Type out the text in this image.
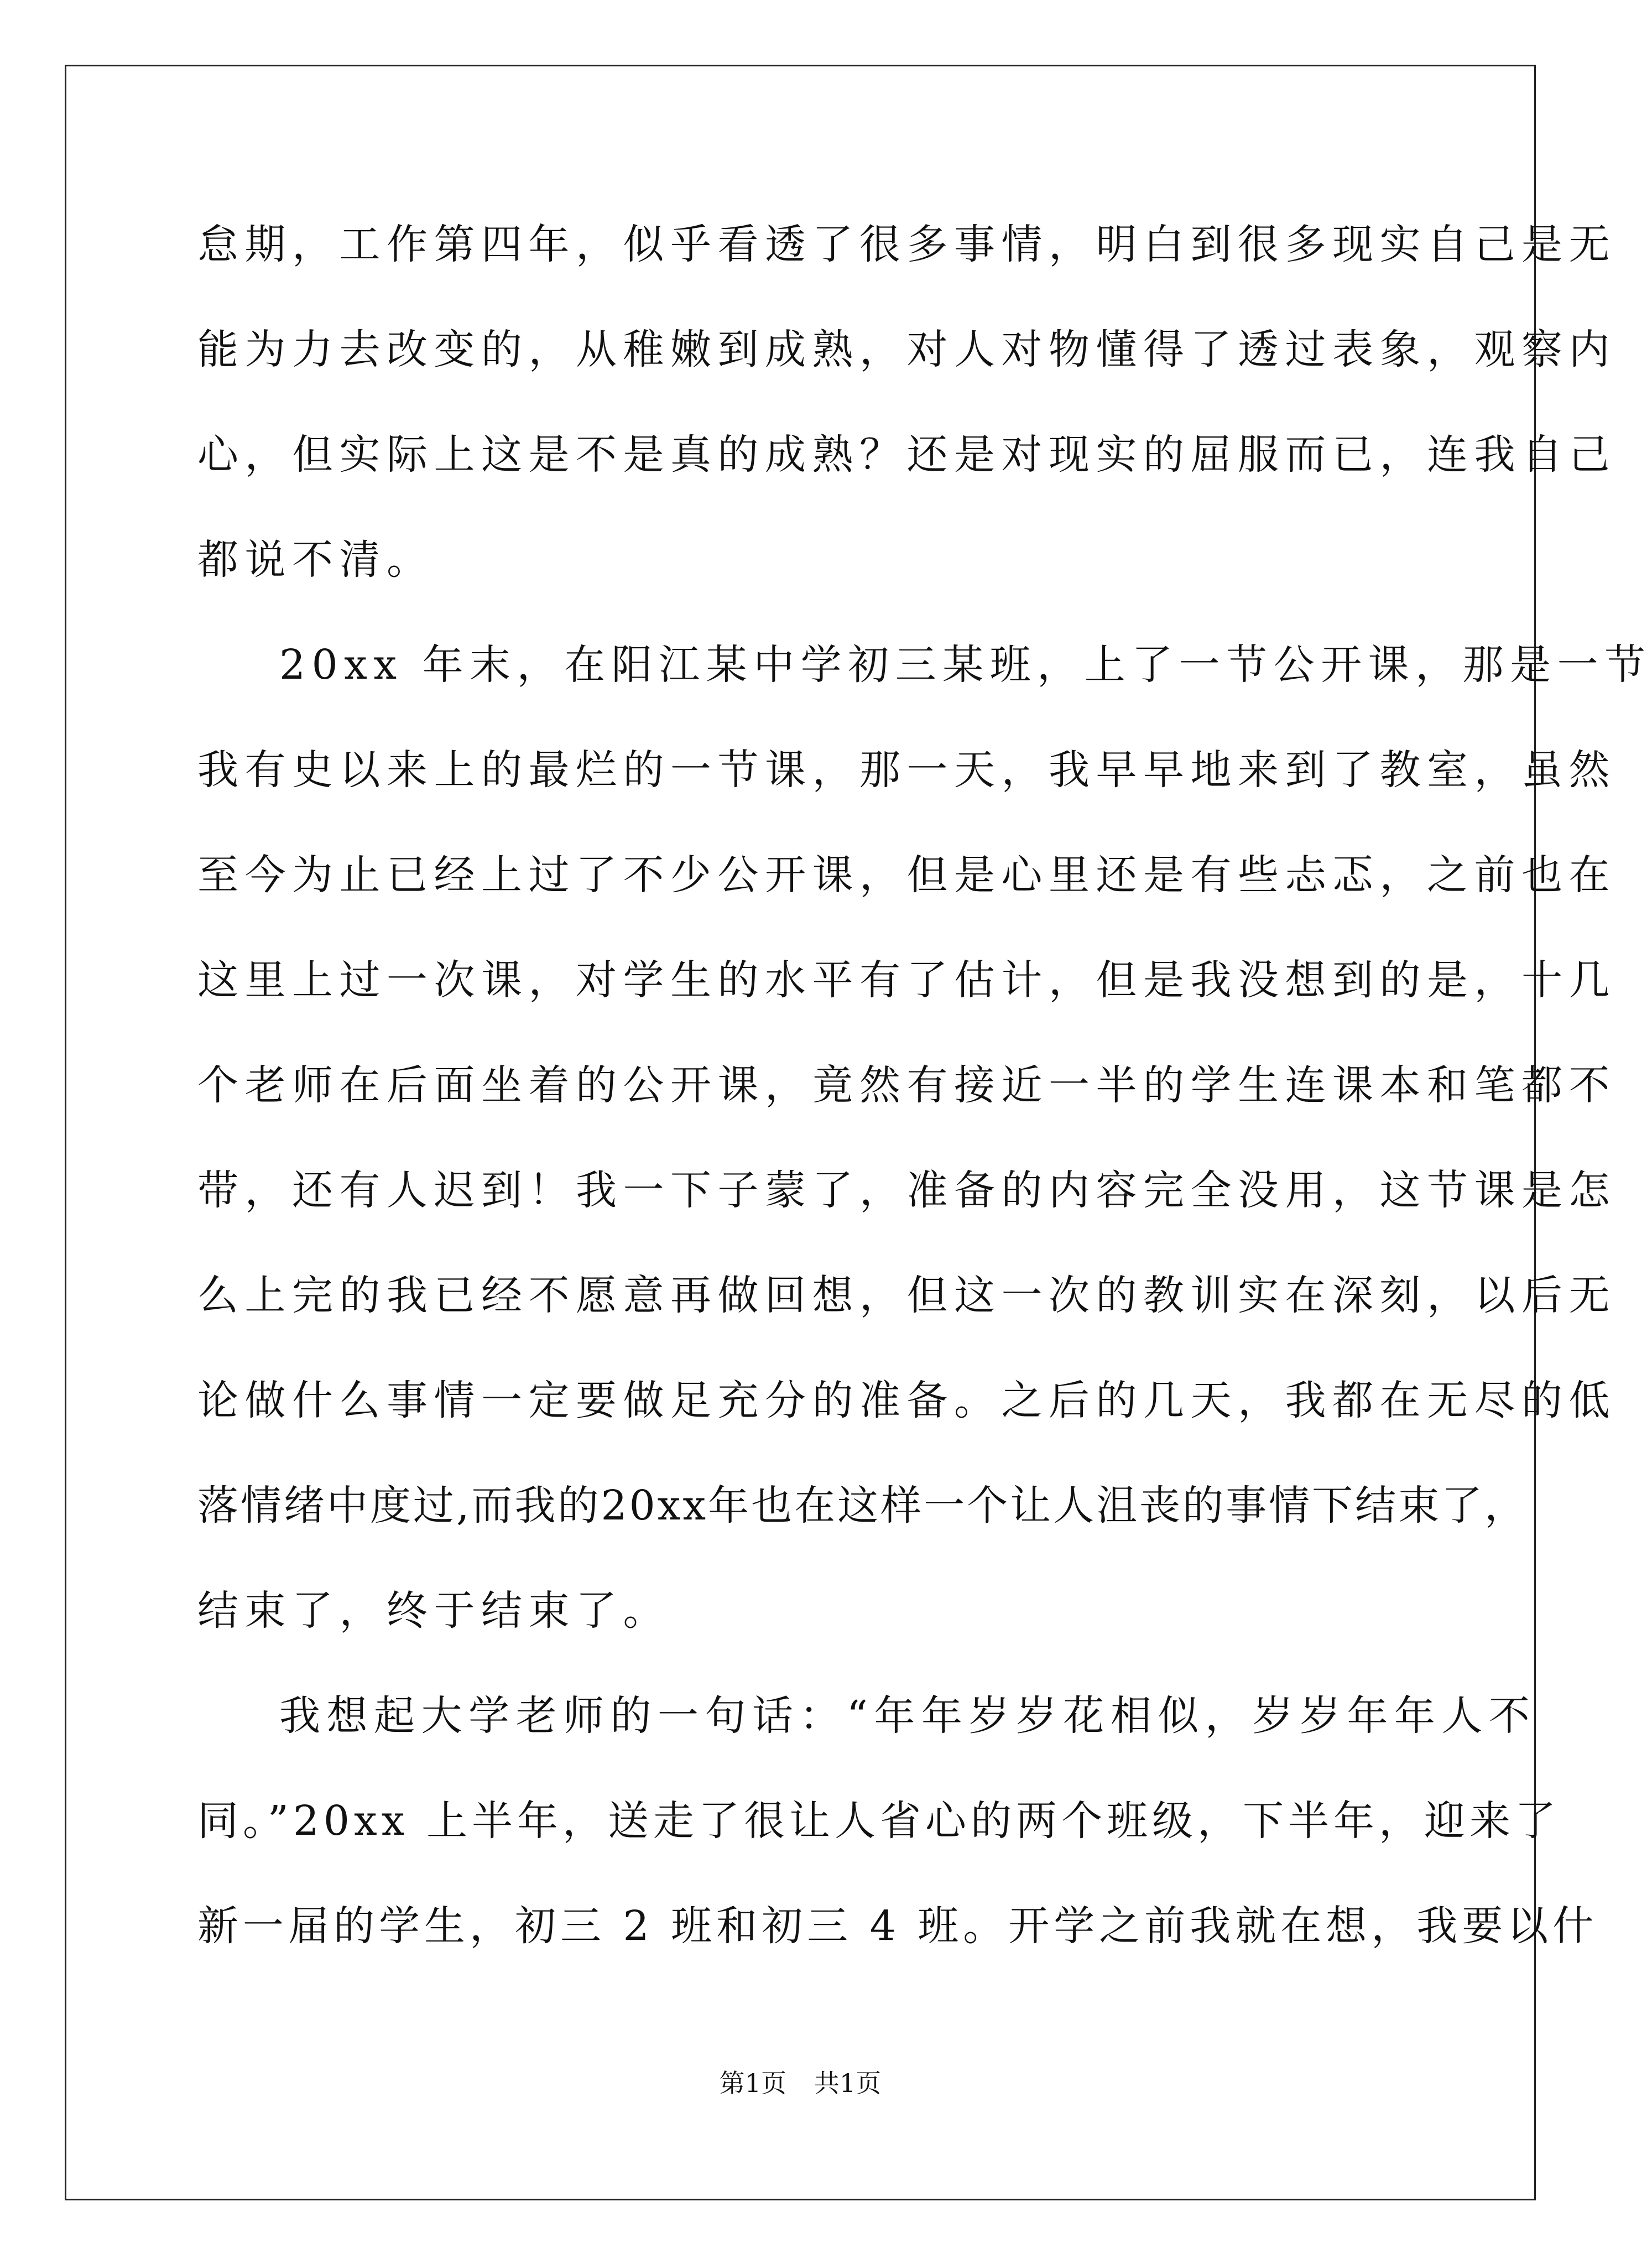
怠期，工作第四年，似乎看透了很多事情，明白到很多现实自己是无
能为力去改变的，从稚嫩到成熟，对人对物懂得了透过表象，观察内
心，但实际上这是不是真的成熟？还是对现实的屈服而已，连我自己
都说不清。
20xx 年末，在阳江某中学初三某班，上了一节公开课，那是一节
我有史以来上的最烂的一节课，那一天，我早早地来到了教室，虽然
至今为止已经上过了不少公开课，但是心里还是有些忐忑，之前也在
这里上过一次课，对学生的水平有了估计，但是我没想到的是，十几
个老师在后面坐着的公开课，竟然有接近一半的学生连课本和笔都不
带，还有人迟到！我一下子蒙了，准备的内容完全没用，这节课是怎
么上完的我已经不愿意再做回想，但这一次的教训实在深刻，以后无
论做什么事情一定要做足充分的准备。之后的几天，我都在无尽的低
落情绪中度过,而我的20xx年也在这样一个让人沮丧的事情下结束了，
结束了，终于结束了。
我想起大学老师的一句话：“年年岁岁花相似，岁岁年年人不
同。”20xx 上半年，送走了很让人省心的两个班级，下半年，迎来了
新一届的学生，初三 2 班和初三 4 班。开学之前我就在想，我要以什
第1页 共1页
